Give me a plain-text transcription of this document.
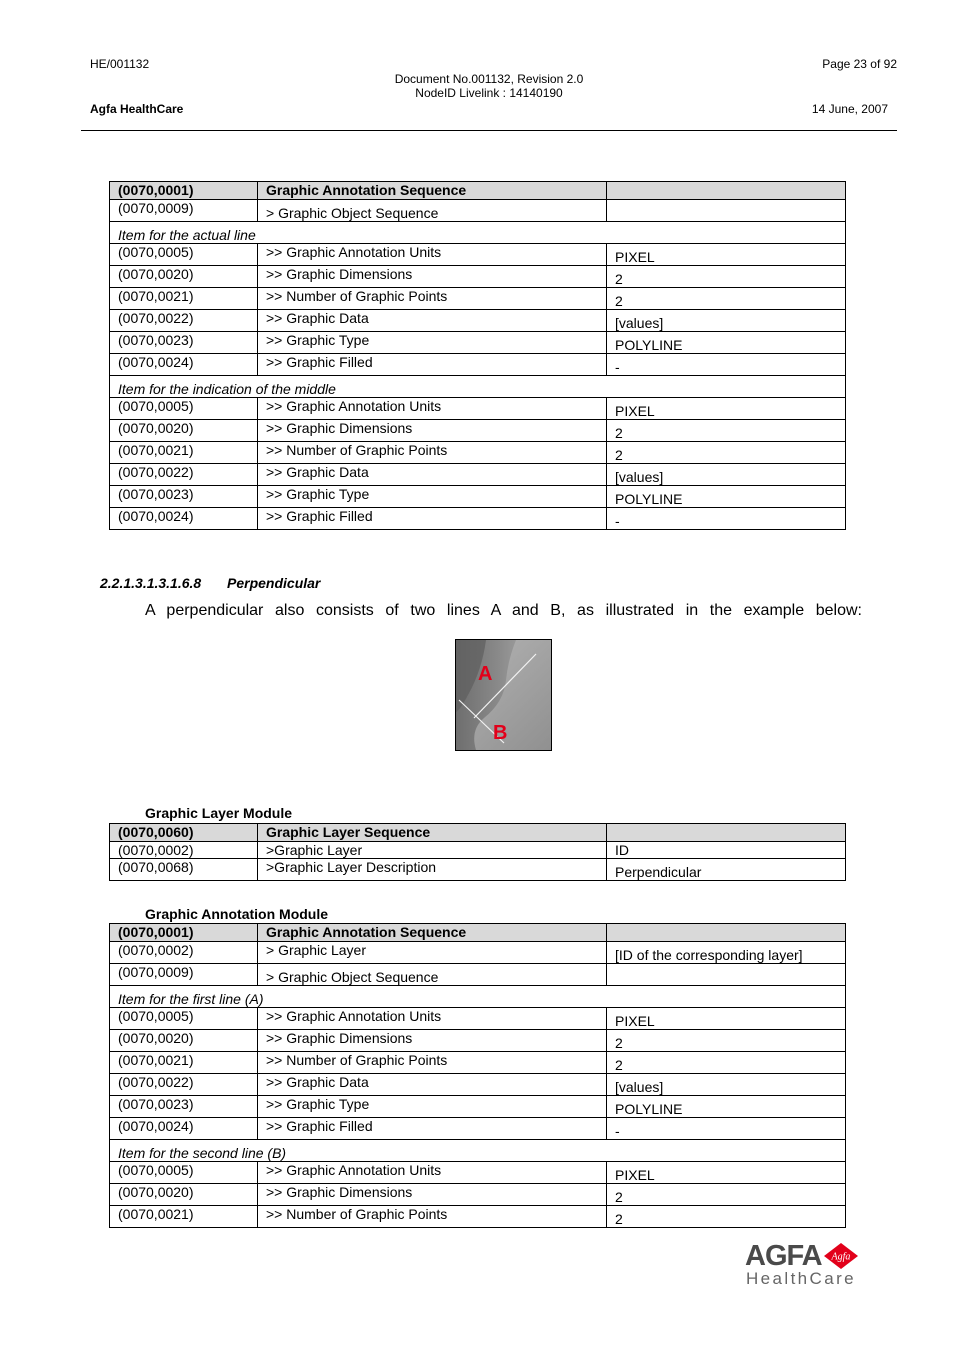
HE/001132
Agfa HealthCare
Document No.001132, Revision 2.0
NodeID Livelink : 14140190
Page 23 of 92
14 June, 2007
(0070,0001)	Graphic Annotation Sequence	
(0070,0009)	> Graphic Object Sequence	
Item for the actual line		
(0070,0005)	>> Graphic Annotation Units	PIXEL
(0070,0020)	>> Graphic Dimensions	2
(0070,0021)	>> Number of Graphic Points	2
(0070,0022)	>> Graphic Data	[values]
(0070,0023)	>> Graphic Type	POLYLINE
(0070,0024)	>> Graphic Filled	-
Item for the indication of the middle		
(0070,0005)	>> Graphic Annotation Units	PIXEL
(0070,0020)	>> Graphic Dimensions	2
(0070,0021)	>> Number of Graphic Points	2
(0070,0022)	>> Graphic Data	[values]
(0070,0023)	>> Graphic Type	POLYLINE
(0070,0024)	>> Graphic Filled	-
2.2.1.3.1.3.1.6.8 Perpendicular
A perpendicular also consists of two lines A and B, as illustrated in the example below:
A
B
Graphic Layer Module
(0070,0060)	Graphic Layer Sequence	
(0070,0002)	>Graphic Layer	ID
(0070,0068)	>Graphic Layer Description	Perpendicular
Graphic Annotation Module
(0070,0001)	Graphic Annotation Sequence	
(0070,0002)	> Graphic Layer	[ID of the corresponding layer]
(0070,0009)	> Graphic Object Sequence	
Item for the first line (A)		
(0070,0005)	>> Graphic Annotation Units	PIXEL
(0070,0020)	>> Graphic Dimensions	2
(0070,0021)	>> Number of Graphic Points	2
(0070,0022)	>> Graphic Data	[values]
(0070,0023)	>> Graphic Type	POLYLINE
(0070,0024)	>> Graphic Filled	-
Item for the second line (B)		
(0070,0005)	>> Graphic Annotation Units	PIXEL
(0070,0020)	>> Graphic Dimensions	2
(0070,0021)	>> Number of Graphic Points	2
AGFA Agfa
HealthCare
